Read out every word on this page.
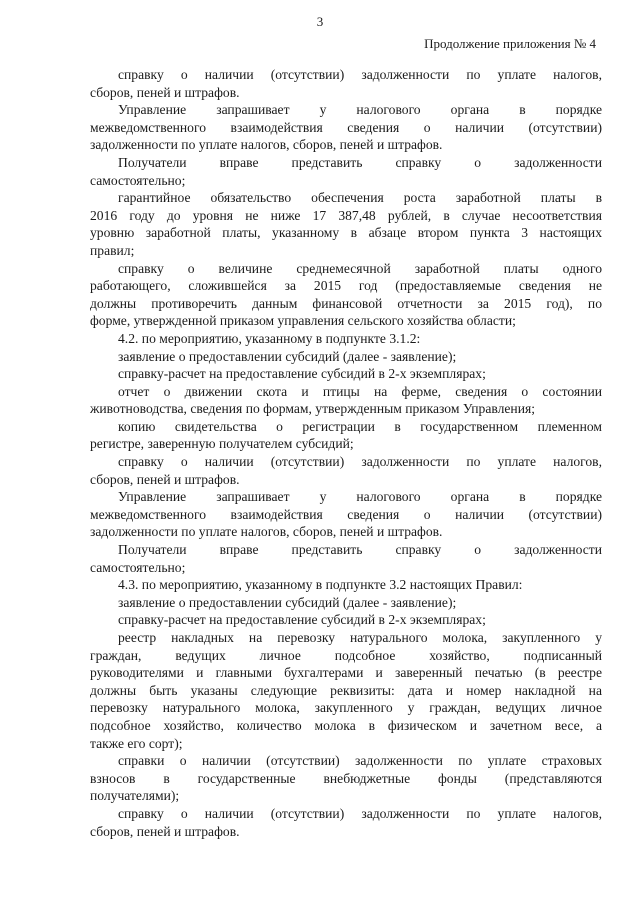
3
Продолжение приложения № 4
справку о наличии (отсутствии) задолженности по уплате налогов,
сборов, пеней и штрафов.
Управление запрашивает у налогового органа в порядке
межведомственного взаимодействия сведения о наличии (отсутствии)
задолженности по уплате налогов, сборов, пеней и штрафов.
Получатели вправе представить справку о задолженности
самостоятельно;
гарантийное обязательство обеспечения роста заработной платы в
2016 году до уровня не ниже 17 387,48 рублей, в случае несоответствия
уровню заработной платы, указанному в абзаце втором пункта 3 настоящих
правил;
справку о величине среднемесячной заработной платы одного
работающего, сложившейся за 2015 год (предоставляемые сведения не
должны противоречить данным финансовой отчетности за 2015 год), по
форме, утвержденной приказом управления сельского хозяйства области;
4.2. по мероприятию, указанному в подпункте 3.1.2:
заявление о предоставлении субсидий (далее - заявление);
справку-расчет на предоставление субсидий в 2-х экземплярах;
отчет о движении скота и птицы на ферме, сведения о состоянии
животноводства, сведения по формам, утвержденным приказом Управления;
копию свидетельства о регистрации в государственном племенном
регистре, заверенную получателем субсидий;
справку о наличии (отсутствии) задолженности по уплате налогов,
сборов, пеней и штрафов.
Управление запрашивает у налогового органа в порядке
межведомственного взаимодействия сведения о наличии (отсутствии)
задолженности по уплате налогов, сборов, пеней и штрафов.
Получатели вправе представить справку о задолженности
самостоятельно;
4.3. по мероприятию, указанному в подпункте 3.2 настоящих Правил:
заявление о предоставлении субсидий (далее - заявление);
справку-расчет на предоставление субсидий в 2-х экземплярах;
реестр накладных на перевозку натурального молока, закупленного у
граждан, ведущих личное подсобное хозяйство, подписанный
руководителями и главными бухгалтерами и заверенный печатью (в реестре
должны быть указаны следующие реквизиты: дата и номер накладной на
перевозку натурального молока, закупленного у граждан, ведущих личное
подсобное хозяйство, количество молока в физическом и зачетном весе, а
также его сорт);
справки о наличии (отсутствии) задолженности по уплате страховых
взносов в государственные внебюджетные фонды (представляются
получателями);
справку о наличии (отсутствии) задолженности по уплате налогов,
сборов, пеней и штрафов.
